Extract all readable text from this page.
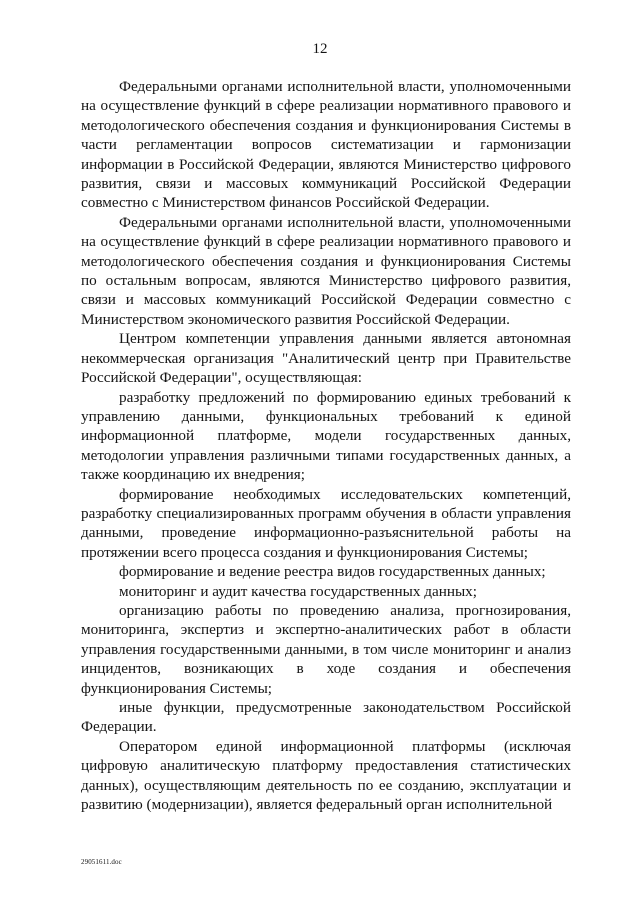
12

Федеральными органами исполнительной власти, уполномоченными на осуществление функций в сфере реализации нормативного правового и методологического обеспечения создания и функционирования Системы в части регламентации вопросов систематизации и гармонизации информации в Российской Федерации, являются Министерство цифрового развития, связи и массовых коммуникаций Российской Федерации совместно с Министерством финансов Российской Федерации.

Федеральными органами исполнительной власти, уполномоченными на осуществление функций в сфере реализации нормативного правового и методологического обеспечения создания и функционирования Системы по остальным вопросам, являются Министерство цифрового развития, связи и массовых коммуникаций Российской Федерации совместно с Министерством экономического развития Российской Федерации.

Центром компетенции управления данными является автономная некоммерческая организация "Аналитический центр при Правительстве Российской Федерации", осуществляющая:

разработку предложений по формированию единых требований к управлению данными, функциональных требований к единой информационной платформе, модели государственных данных, методологии управления различными типами государственных данных, а также координацию их внедрения;

формирование необходимых исследовательских компетенций, разработку специализированных программ обучения в области управления данными, проведение информационно-разъяснительной работы на протяжении всего процесса создания и функционирования Системы;

формирование и ведение реестра видов государственных данных;

мониторинг и аудит качества государственных данных;

организацию работы по проведению анализа, прогнозирования, мониторинга, экспертиз и экспертно-аналитических работ в области управления государственными данными, в том числе мониторинг и анализ инцидентов, возникающих в ходе создания и обеспечения функционирования Системы;

иные функции, предусмотренные законодательством Российской Федерации.

Оператором единой информационной платформы (исключая цифровую аналитическую платформу предоставления статистических данных), осуществляющим деятельность по ее созданию, эксплуатации и развитию (модернизации), является федеральный орган исполнительной

29051611.doc
